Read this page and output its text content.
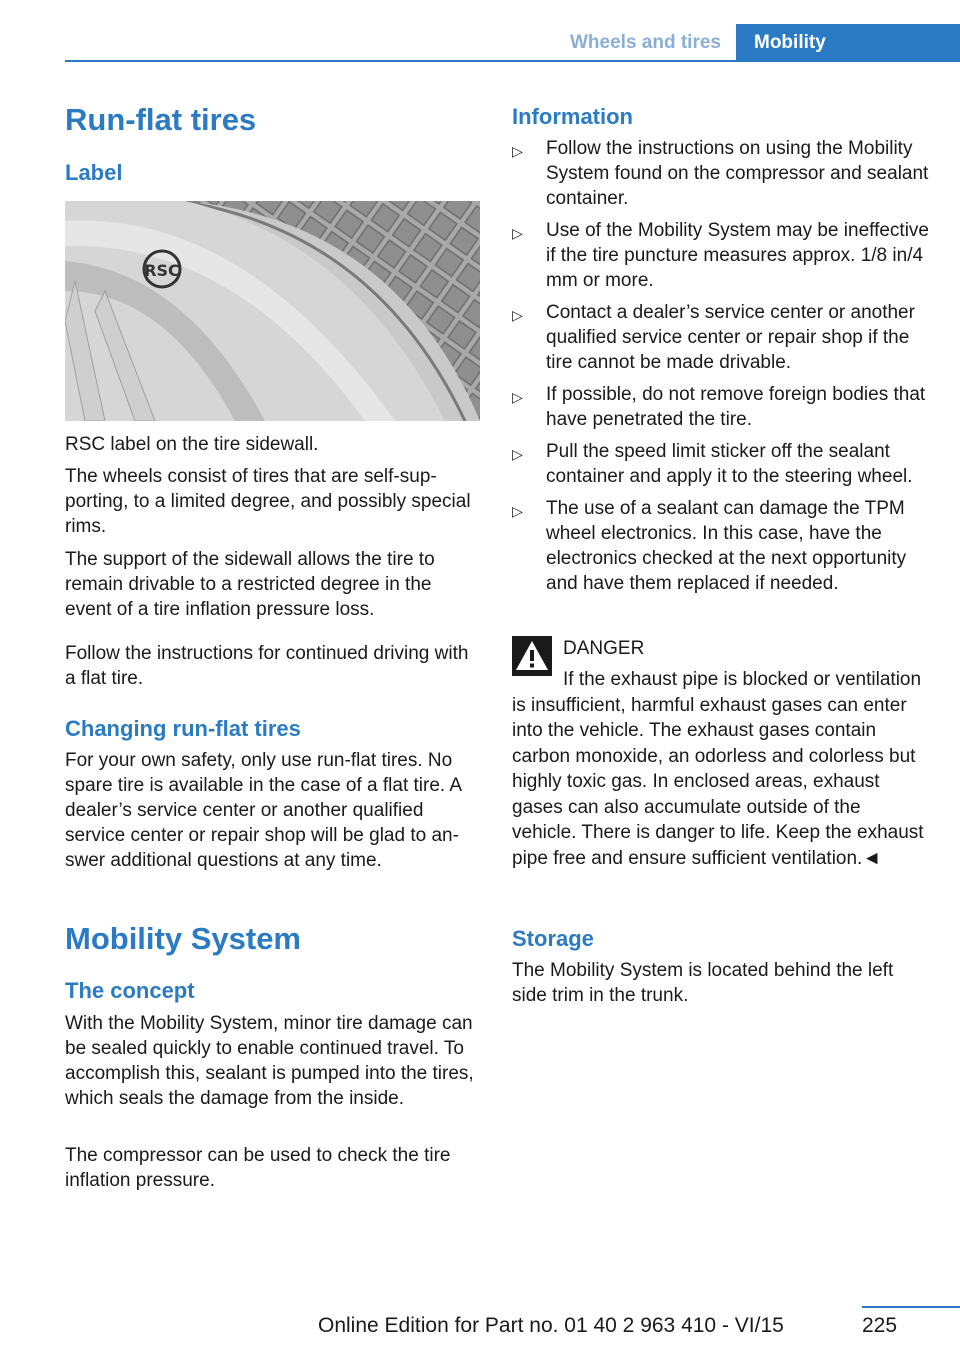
Wheels and tires	Mobility
Run-flat tires
Label
RSC

RSC label on the tire sidewall.

The wheels consist of tires that are self-supporting, to a limited degree, and possibly special rims.

The support of the sidewall allows the tire to remain drivable to a restricted degree in the event of a tire inflation pressure loss.

Follow the instructions for continued driving with a flat tire.

Changing run-flat tires

For your own safety, only use run-flat tires. No spare tire is available in the case of a flat tire. A dealer’s service center or another qualified service center or repair shop will be glad to answer additional questions at any time.

Mobility System
The concept

With the Mobility System, minor tire damage can be sealed quickly to enable continued travel. To accomplish this, sealant is pumped into the tires, which seals the damage from the inside.

The compressor can be used to check the tire inflation pressure.

Information
▷ Follow the instructions on using the Mobility System found on the compressor and sealant container.
▷ Use of the Mobility System may be ineffective if the tire puncture measures approx. 1/8 in/4 mm or more.
▷ Contact a dealer’s service center or another qualified service center or repair shop if the tire cannot be made drivable.
▷ If possible, do not remove foreign bodies that have penetrated the tire.
▷ Pull the speed limit sticker off the sealant container and apply it to the steering wheel.
▷ The use of a sealant can damage the TPM wheel electronics. In this case, have the electronics checked at the next opportunity and have them replaced if needed.
DANGER
If the exhaust pipe is blocked or ventilation is insufficient, harmful exhaust gases can enter into the vehicle. The exhaust gases contain carbon monoxide, an odorless and colorless but highly toxic gas. In enclosed areas, exhaust gases can also accumulate outside of the vehicle. There is danger to life. Keep the exhaust pipe free and ensure sufficient ventilation.◄
Storage

The Mobility System is located behind the left side trim in the trunk.

225
Online Edition for Part no. 01 40 2 963 410 - VI/15
